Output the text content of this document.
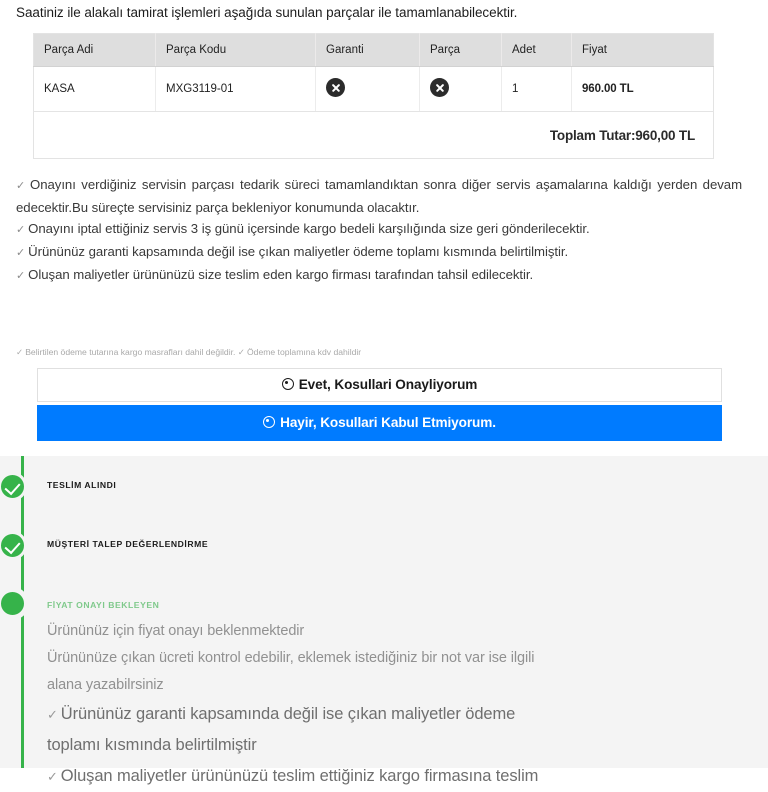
Saatiniz ile alakalı tamirat işlemleri aşağıda sunulan parçalar ile tamamlanabilecektir.
Parça Adi	Parça Kodu	Garanti	Parça	Adet	Fiyat
KASA	MXG3119-01			1	960.00 TL

Toplam Tutar:960,00 TL					

✓ Onayını verdiğiniz servisin parçası tedarik süreci tamamlandıktan sonra diğer servis aşamalarına kaldığı yerden devam edecektir.Bu süreçte servisiniz parça bekleniyor konumunda olacaktır.

✓ Onayını iptal ettiğiniz servis 3 iş günü içersinde kargo bedeli karşılığında size geri gönderilecektir.

✓ Ürününüz garanti kapsamında değil ise çıkan maliyetler ödeme toplamı kısmında belirtilmiştir.

✓ Oluşan maliyetler ürününüzü size teslim eden kargo firması tarafından tahsil edilecektir.

✓ Belirtilen ödeme tutarına kargo masrafları dahil değildir. ✓ Ödeme toplamına kdv dahildir
Evet, Kosullari Onayliyorum
Hayir, Kosullari Kabul Etmiyorum.
TESLİM ALINDI
MÜŞTERİ TALEP DEĞERLENDİRME
FİYAT ONAYI BEKLEYEN
Ürününüz için fiyat onayı beklenmektedir
Ürününüze çıkan ücreti kontrol edebilir, eklemek istediğiniz bir not var ise ilgili
alana yazabilrsiniz
✓ Ürününüz garanti kapsamında değil ise çıkan maliyetler ödeme
toplamı kısmında belirtilmiştir
✓ Oluşan maliyetler ürününüzü teslim ettiğiniz kargo firmasına teslim
